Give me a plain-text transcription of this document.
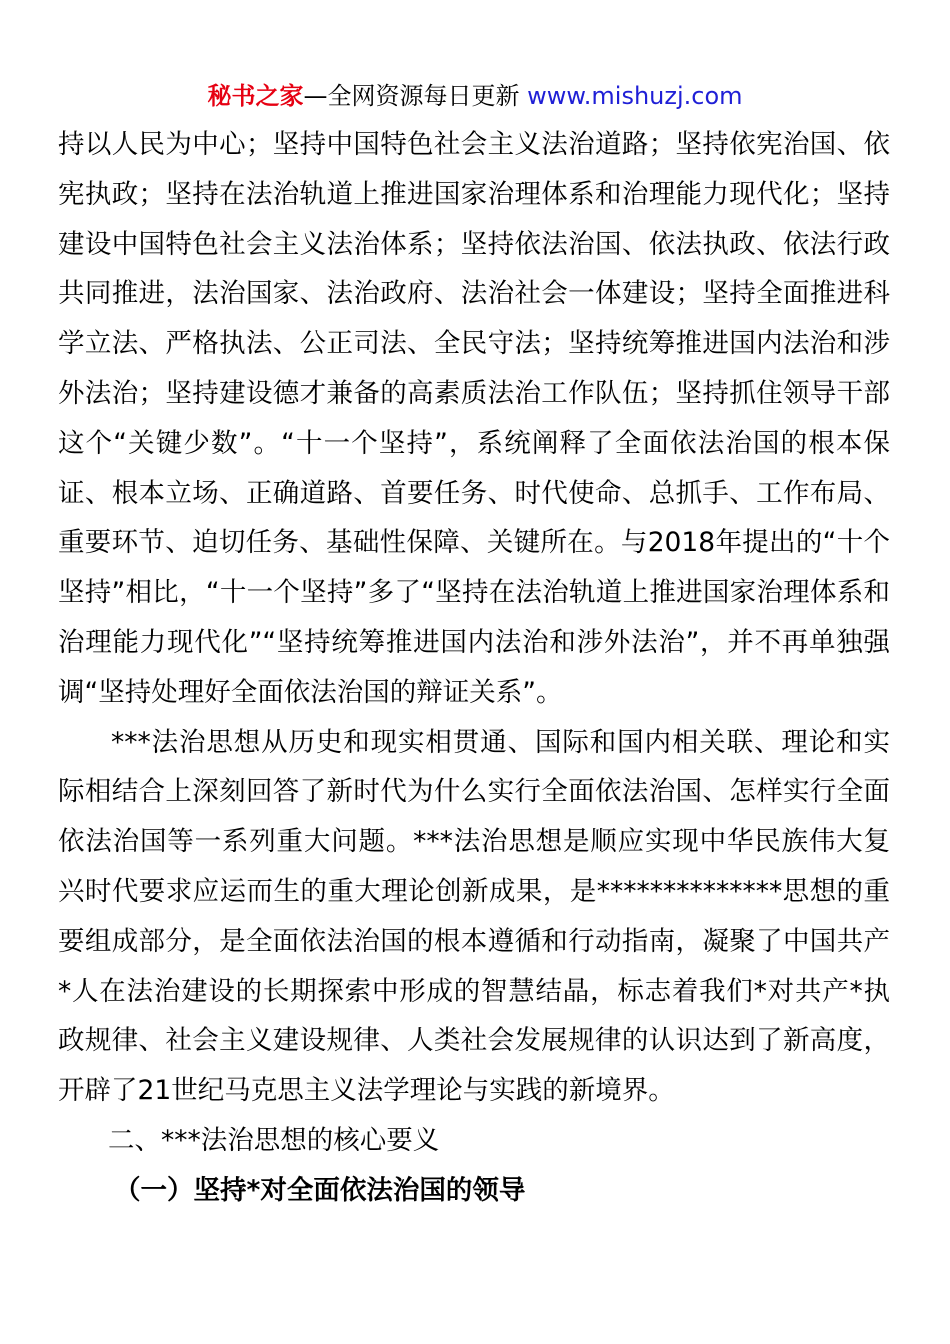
秘书之家—全网资源每日更新 www.mishuzj.com

持以人民为中心；坚持中国特色社会主义法治道路；坚持依宪治国、依宪执政；坚持在法治轨道上推进国家治理体系和治理能力现代化；坚持建设中国特色社会主义法治体系；坚持依法治国、依法执政、依法行政共同推进，法治国家、法治政府、法治社会一体建设；坚持全面推进科学立法、严格执法、公正司法、全民守法；坚持统筹推进国内法治和涉外法治；坚持建设德才兼备的高素质法治工作队伍；坚持抓住领导干部这个“关键少数”。“十一个坚持”，系统阐释了全面依法治国的根本保证、根本立场、正确道路、首要任务、时代使命、总抓手、工作布局、重要环节、迫切任务、基础性保障、关键所在。与2018年提出的“十个坚持”相比，“十一个坚持”多了“坚持在法治轨道上推进国家治理体系和治理能力现代化”“坚持统筹推进国内法治和涉外法治”，并不再单独强调“坚持处理好全面依法治国的辩证关系”。

***法治思想从历史和现实相贯通、国际和国内相关联、理论和实际相结合上深刻回答了新时代为什么实行全面依法治国、怎样实行全面依法治国等一系列重大问题。***法治思想是顺应实现中华民族伟大复兴时代要求应运而生的重大理论创新成果，是**************思想的重要组成部分，是全面依法治国的根本遵循和行动指南，凝聚了中国共产*人在法治建设的长期探索中形成的智慧结晶，标志着我们*对共产*执政规律、社会主义建设规律、人类社会发展规律的认识达到了新高度，开辟了21世纪马克思主义法学理论与实践的新境界。

二、***法治思想的核心要义

（一）坚持*对全面依法治国的领导
